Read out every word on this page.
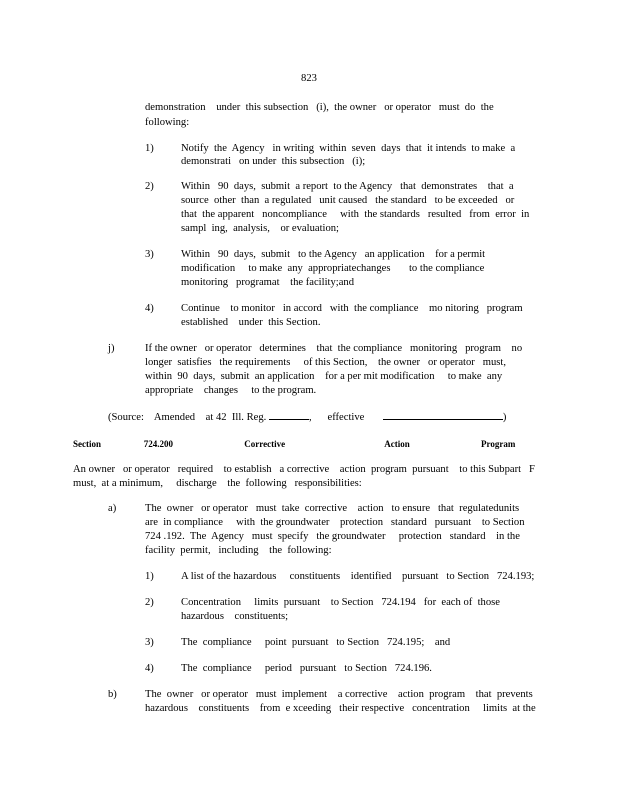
823
demonstration    under  this subsection   (i),  the owner   or operator   must  do  the
following:
1)	Notify  the  Agency   in writing  within  seven  days  that  it intends  to make  a
demonstrati   on under  this subsection   (i);
2)	Within   90  days,  submit  a report  to the Agency   that  demonstrates    that  a
source  other  than  a regulated   unit caused   the standard   to be exceeded   or
that  the apparent   noncompliance     with  the standards   resulted   from  error  in
sampl  ing,  analysis,    or evaluation;
3)	Within   90  days,  submit   to the Agency   an application    for a permit
modification     to make  any  appropriatechanges       to the compliance
monitoring   programat    the facility;and
4)	Continue    to monitor   in accord   with  the compliance    mo nitoring   program
established    under  this Section.
j)	If the owner   or operator   determines    that  the compliance   monitoring   program    no
longer  satisfies   the requirements     of this Section,    the owner   or operator   must,
within  90  days,  submit  an application    for a per mit modification     to make  any
appropriate    changes     to the program.
(Source:    Amended    at 42  Ill. Reg.	,      effective	)
Section	724.200	Corrective       Action     Program
An owner   or operator   required    to establish   a corrective    action  program  pursuant    to this Subpart   F
must,  at a minimum,     discharge    the  following   responsibilities:
a)	The  owner   or operator   must  take  corrective    action   to ensure   that  regulatedunits
are  in compliance     with  the groundwater    protection   standard   pursuant    to Section
724 .192.  The  Agency   must  specify   the groundwater     protection   standard    in the
facility  permit,   including    the  following:
1)	A list of the hazardous     constituents    identified    pursuant   to Section   724.193;
2)	Concentration     limits  pursuant    to Section   724.194   for  each of  those
hazardous    constituents;
3)	The  compliance     point  pursuant   to Section   724.195;    and
4)	The  compliance     period   pursuant   to Section   724.196.
b)	The  owner   or operator   must  implement    a corrective    action  program    that  prevents
hazardous    constituents    from  e xceeding   their respective   concentration     limits  at the
